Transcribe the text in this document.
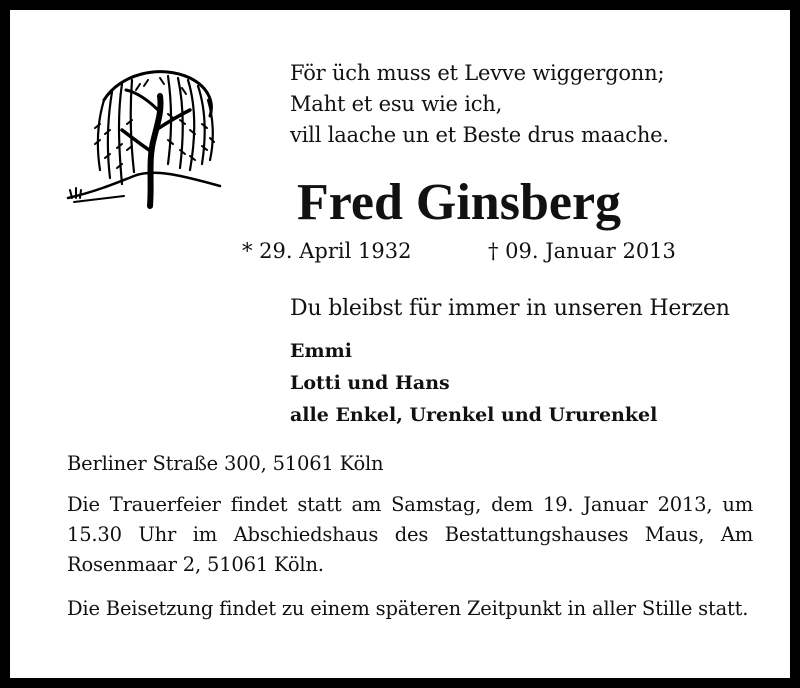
För üch muss et Levve wiggergonn;
Maht et esu wie ich,
vill laache un et Beste drus maache.
Fred Ginsberg
* 29. April 1932	† 09. Januar 2013
Du bleibst für immer in unseren Herzen
Emmi
Lotti und Hans
alle Enkel, Urenkel und Ururenkel
Berliner Straße 300, 51061 Köln
Die Trauerfeier findet statt am Samstag, dem 19. Januar 2013, um 15.30 Uhr im Abschiedshaus des Bestattungshauses Maus, Am Rosenmaar 2, 51061 Köln.
Die Beisetzung findet zu einem späteren Zeitpunkt in aller Stille statt.
